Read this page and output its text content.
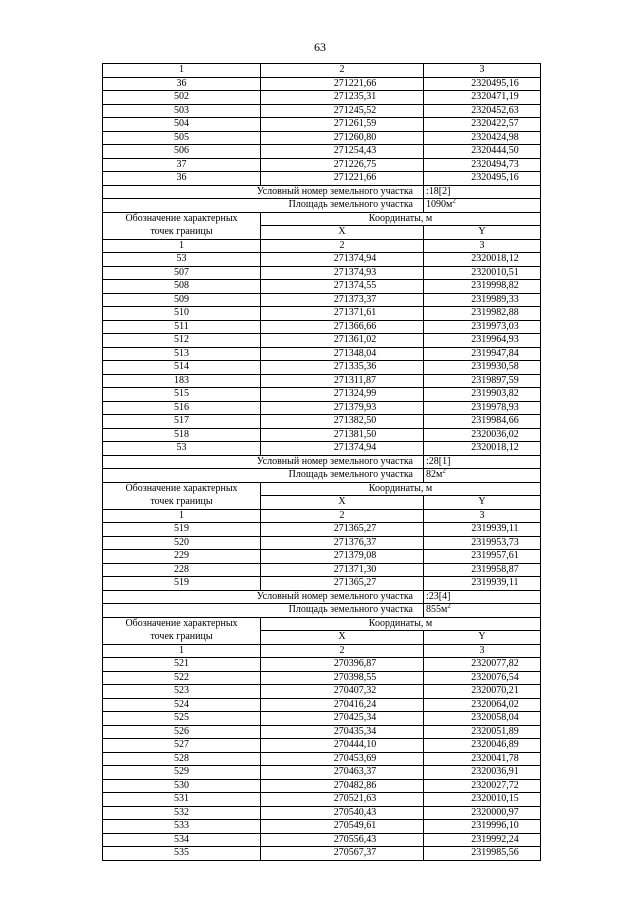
63
1	2	3
36	271221,66	2320495,16
502	271235,31	2320471,19
503	271245,52	2320452,63
504	271261,59	2320422,57
505	271260,80	2320424,98
506	271254,43	2320444,50
37	271226,75	2320494,73
36	271221,66	2320495,16
Условный номер земельного участка		:18[2]
Площадь земельного участка		$1090м^2$
Обозначение характерных	Координаты, м	
точек границы	X	Y
1	2	3
53	271374,94	2320018,12
507	271374,93	2320010,51
508	271374,55	2319998,82
509	271373,37	2319989,33
510	271371,61	2319982,88
511	271366,66	2319973,03
512	271361,02	2319964,93
513	271348,04	2319947,84
514	271335,36	2319930,58
183	271311,87	2319897,59
515	271324,99	2319903,82
516	271379,93	2319978,93
517	271382,50	2319984,66
518	271381,50	2320036,02
53	271374,94	2320018,12
Условный номер земельного участка		:28[1]
Площадь земельного участка		$82м^2$
Обозначение характерных	Координаты, м	
точек границы	X	Y
1	2	3
519	271365,27	2319939,11
520	271376,37	2319953,73
229	271379,08	2319957,61
228	271371,30	2319958,87
519	271365,27	2319939,11
Условный номер земельного участка		:23[4]
Площадь земельного участка		$855м^2$
Обозначение характерных	Координаты, м	
точек границы	X	Y
1	2	3
521	270396,87	2320077,82
522	270398,55	2320076,54
523	270407,32	2320070,21
524	270416,24	2320064,02
525	270425,34	2320058,04
526	270435,34	2320051,89
527	270444,10	2320046,89
528	270453,69	2320041,78
529	270463,37	2320036,91
530	270482,86	2320027,72
531	270521,63	2320010,15
532	270540,43	2320000,97
533	270549,61	2319996,10
534	270556,43	2319992,24
535	270567,37	2319985,56
